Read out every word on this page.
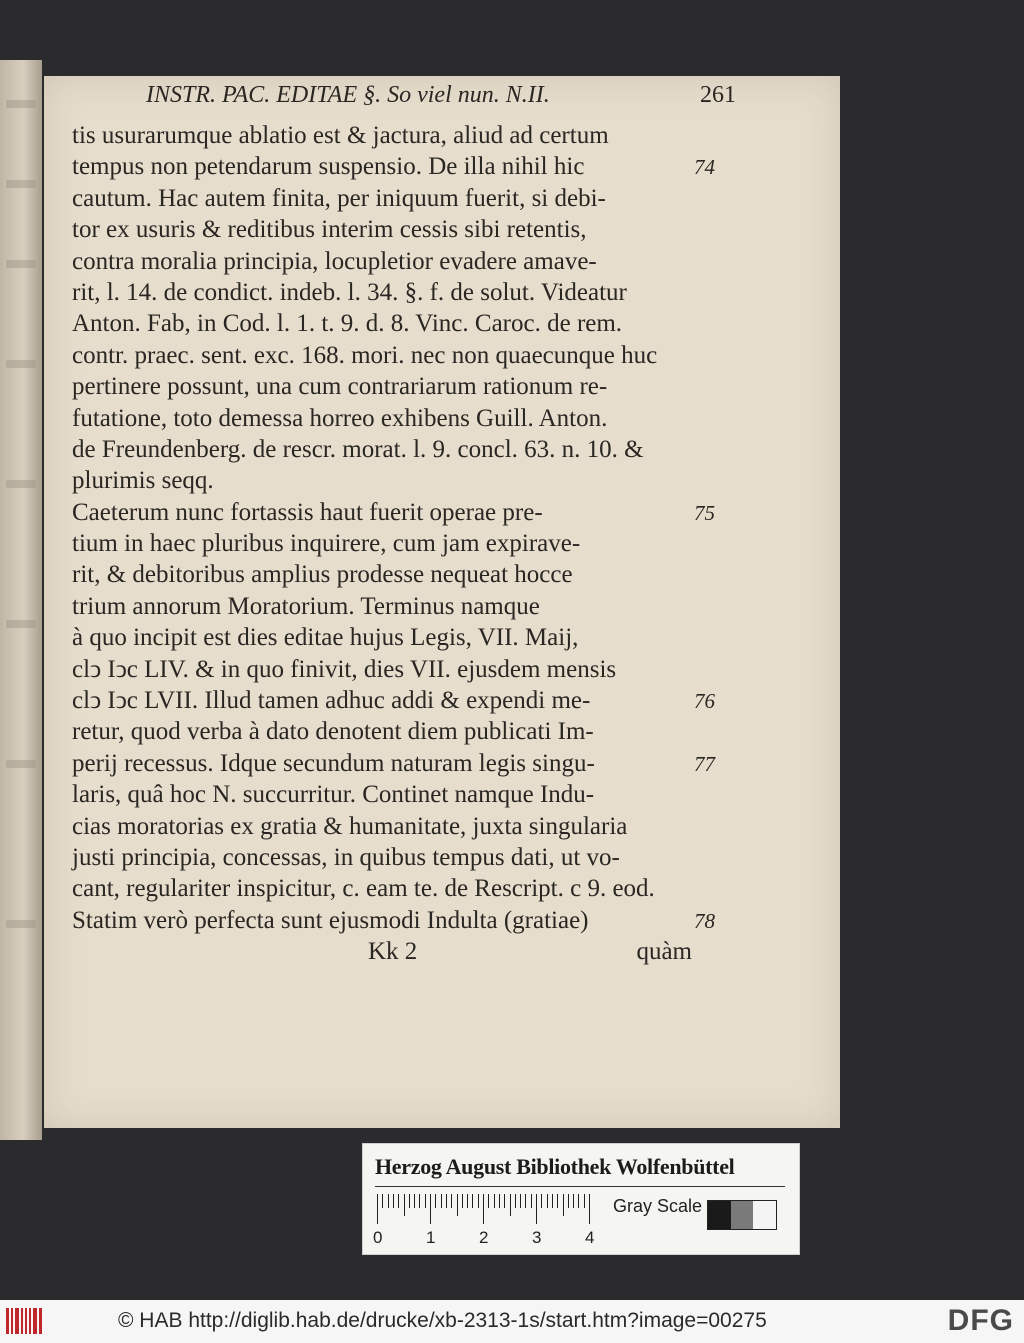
INSTR. PAC. EDITAE §. So viel nun. N.II.	261
tis usurarumque ablatio est & jactura, aliud ad certum
tempus non petendarum suspensio. De illa nihil hic
cautum. Hac autem finita, per iniquum fuerit, si debi-
tor ex usuris & reditibus interim cessis sibi retentis,
contra moralia principia, locupletior evadere amave-
rit, l. 14. de condict. indeb. l. 34. §. f. de solut. Videatur
Anton. Fab, in Cod. l. 1. t. 9. d. 8. Vinc. Caroc. de rem.
contr. praec. sent. exc. 168. mori. nec non quaecunque huc
pertinere possunt, una cum contrariarum rationum re-
futatione, toto demessa horreo exhibens Guill. Anton.
de Freundenberg. de rescr. morat. l. 9. concl. 63. n. 10. &
plurimis seqq.
Caeterum nunc fortassis haut fuerit operae pre-
tium in haec pluribus inquirere, cum jam expirave-
rit, & debitoribus amplius prodesse nequeat hocce
trium annorum Moratorium. Terminus namque
à quo incipit est dies editae hujus Legis, VII. Maij,
clↄ Iↄc LIV. & in quo finivit, dies VII. ejusdem mensis
clↄ Iↄc LVII. Illud tamen adhuc addi & expendi me-
retur, quod verba à dato denotent diem publicati Im-
perij recessus. Idque secundum naturam legis singu-
laris, quâ hoc N. succurritur. Continet namque Indu-
cias moratorias ex gratia & humanitate, juxta singularia
justi principia, concessas, in quibus tempus dati, ut vo-
cant, regulariter inspicitur, c. eam te. de Rescript. c 9. eod.
Statim verò perfecta sunt ejusmodi Indulta (gratiae)
74
75
76
77
78
Kk 2	quàm
Herzog August Bibliothek Wolfenbüttel
0	1	2	3	4
Gray Scale
© HAB http://diglib.hab.de/drucke/xb-2313-1s/start.htm?image=00275	DFG
